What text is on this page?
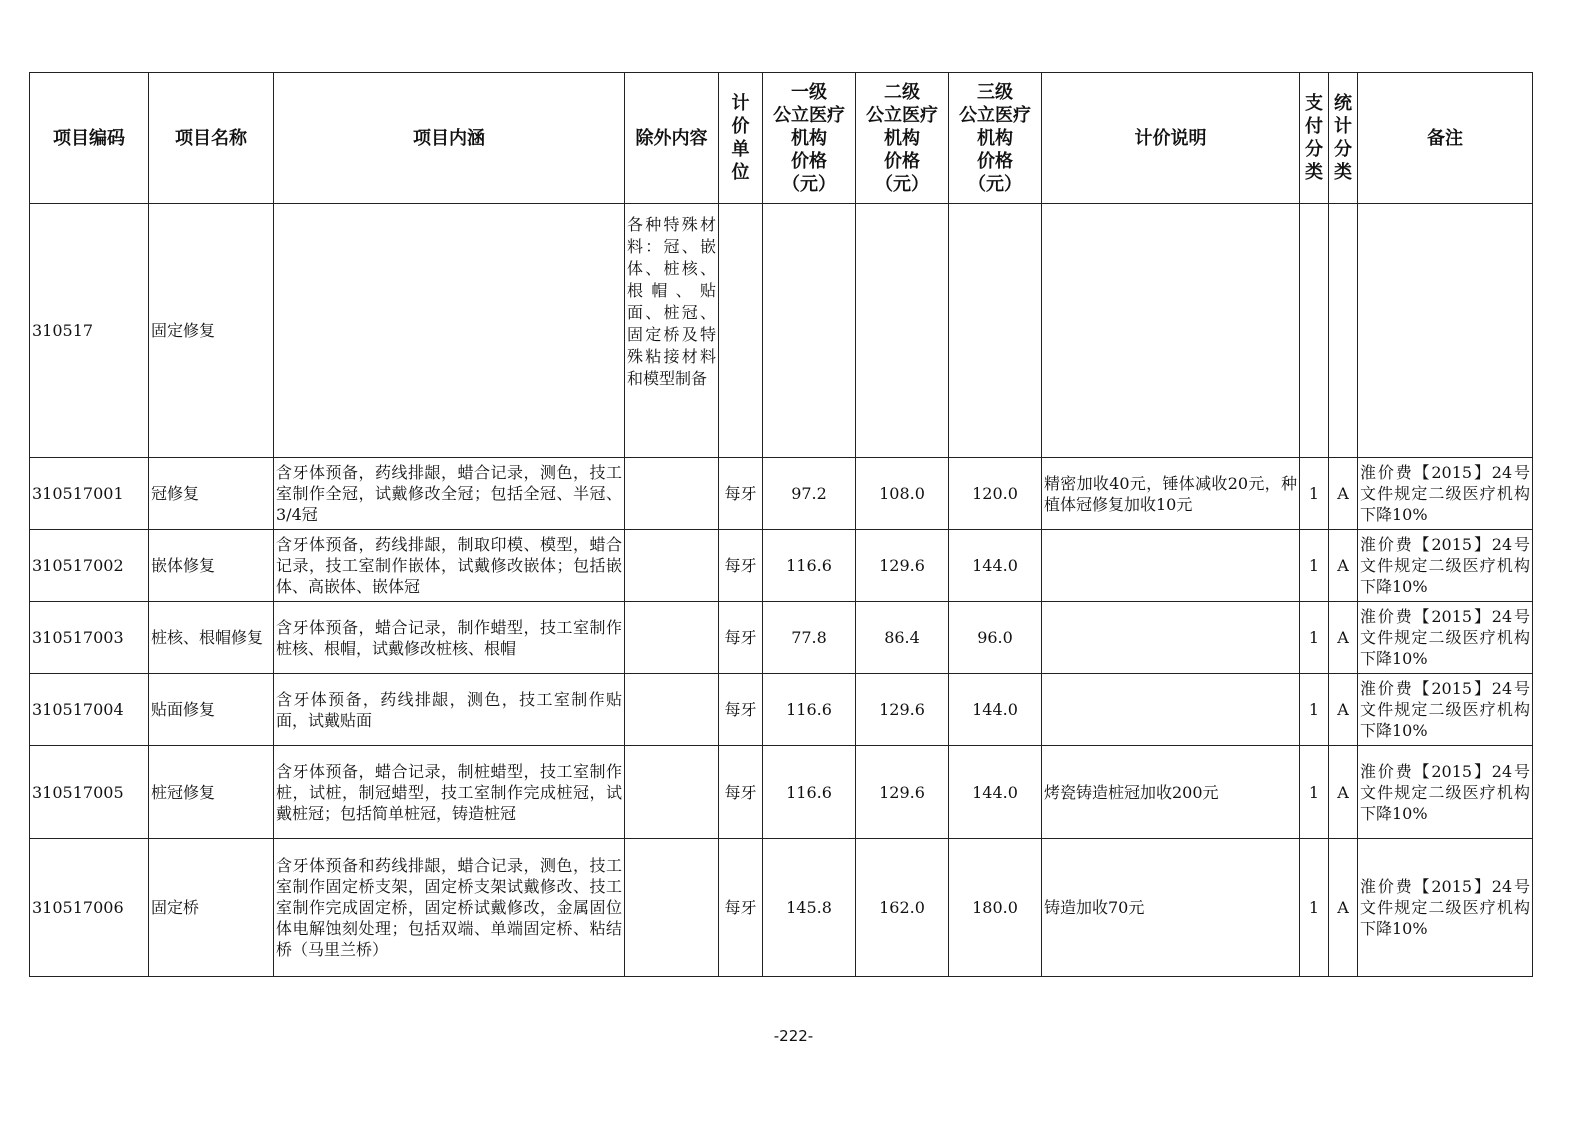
项目编码	项目名称	项目内涵	除外内容	计
价
单
位	一级
公立医疗
机构
价格
（元）	二级
公立医疗
机构
价格
（元）	三级
公立医疗
机构
价格
（元）	计价说明	支
付
分
类	统
计
分
类	备注
310517	固定修复		各种特殊材料：冠、嵌体、桩核、根帽、贴面、桩冠、固定桥及特殊粘接材料和模型制备								
310517001	冠修复	含牙体预备，药线排龈，蜡合记录，测色，技工室制作全冠，试戴修改全冠；包括全冠、半冠、3/4冠		每牙	97.2	108.0	120.0	精密加收40元，锤体减收20元，种植体冠修复加收10元	1	A	淮价费【2015】24号文件规定二级医疗机构下降10%
310517002	嵌体修复	含牙体预备，药线排龈，制取印模、模型，蜡合记录，技工室制作嵌体，试戴修改嵌体；包括嵌体、高嵌体、嵌体冠		每牙	116.6	129.6	144.0		1	A	淮价费【2015】24号文件规定二级医疗机构下降10%
310517003	桩核、根帽修复	含牙体预备，蜡合记录，制作蜡型，技工室制作桩核、根帽，试戴修改桩核、根帽		每牙	77.8	86.4	96.0		1	A	淮价费【2015】24号文件规定二级医疗机构下降10%
310517004	贴面修复	含牙体预备，药线排龈，测色，技工室制作贴面，试戴贴面		每牙	116.6	129.6	144.0		1	A	淮价费【2015】24号文件规定二级医疗机构下降10%
310517005	桩冠修复	含牙体预备，蜡合记录，制桩蜡型，技工室制作桩，试桩，制冠蜡型，技工室制作完成桩冠，试戴桩冠；包括简单桩冠，铸造桩冠		每牙	116.6	129.6	144.0	烤瓷铸造桩冠加收200元	1	A	淮价费【2015】24号文件规定二级医疗机构下降10%
310517006	固定桥	含牙体预备和药线排龈，蜡合记录，测色，技工室制作固定桥支架，固定桥支架试戴修改、技工室制作完成固定桥，固定桥试戴修改，金属固位体电解蚀刻处理；包括双端、单端固定桥、粘结桥（马里兰桥）		每牙	145.8	162.0	180.0	铸造加收70元	1	A	淮价费【2015】24号文件规定二级医疗机构下降10%
-222-
